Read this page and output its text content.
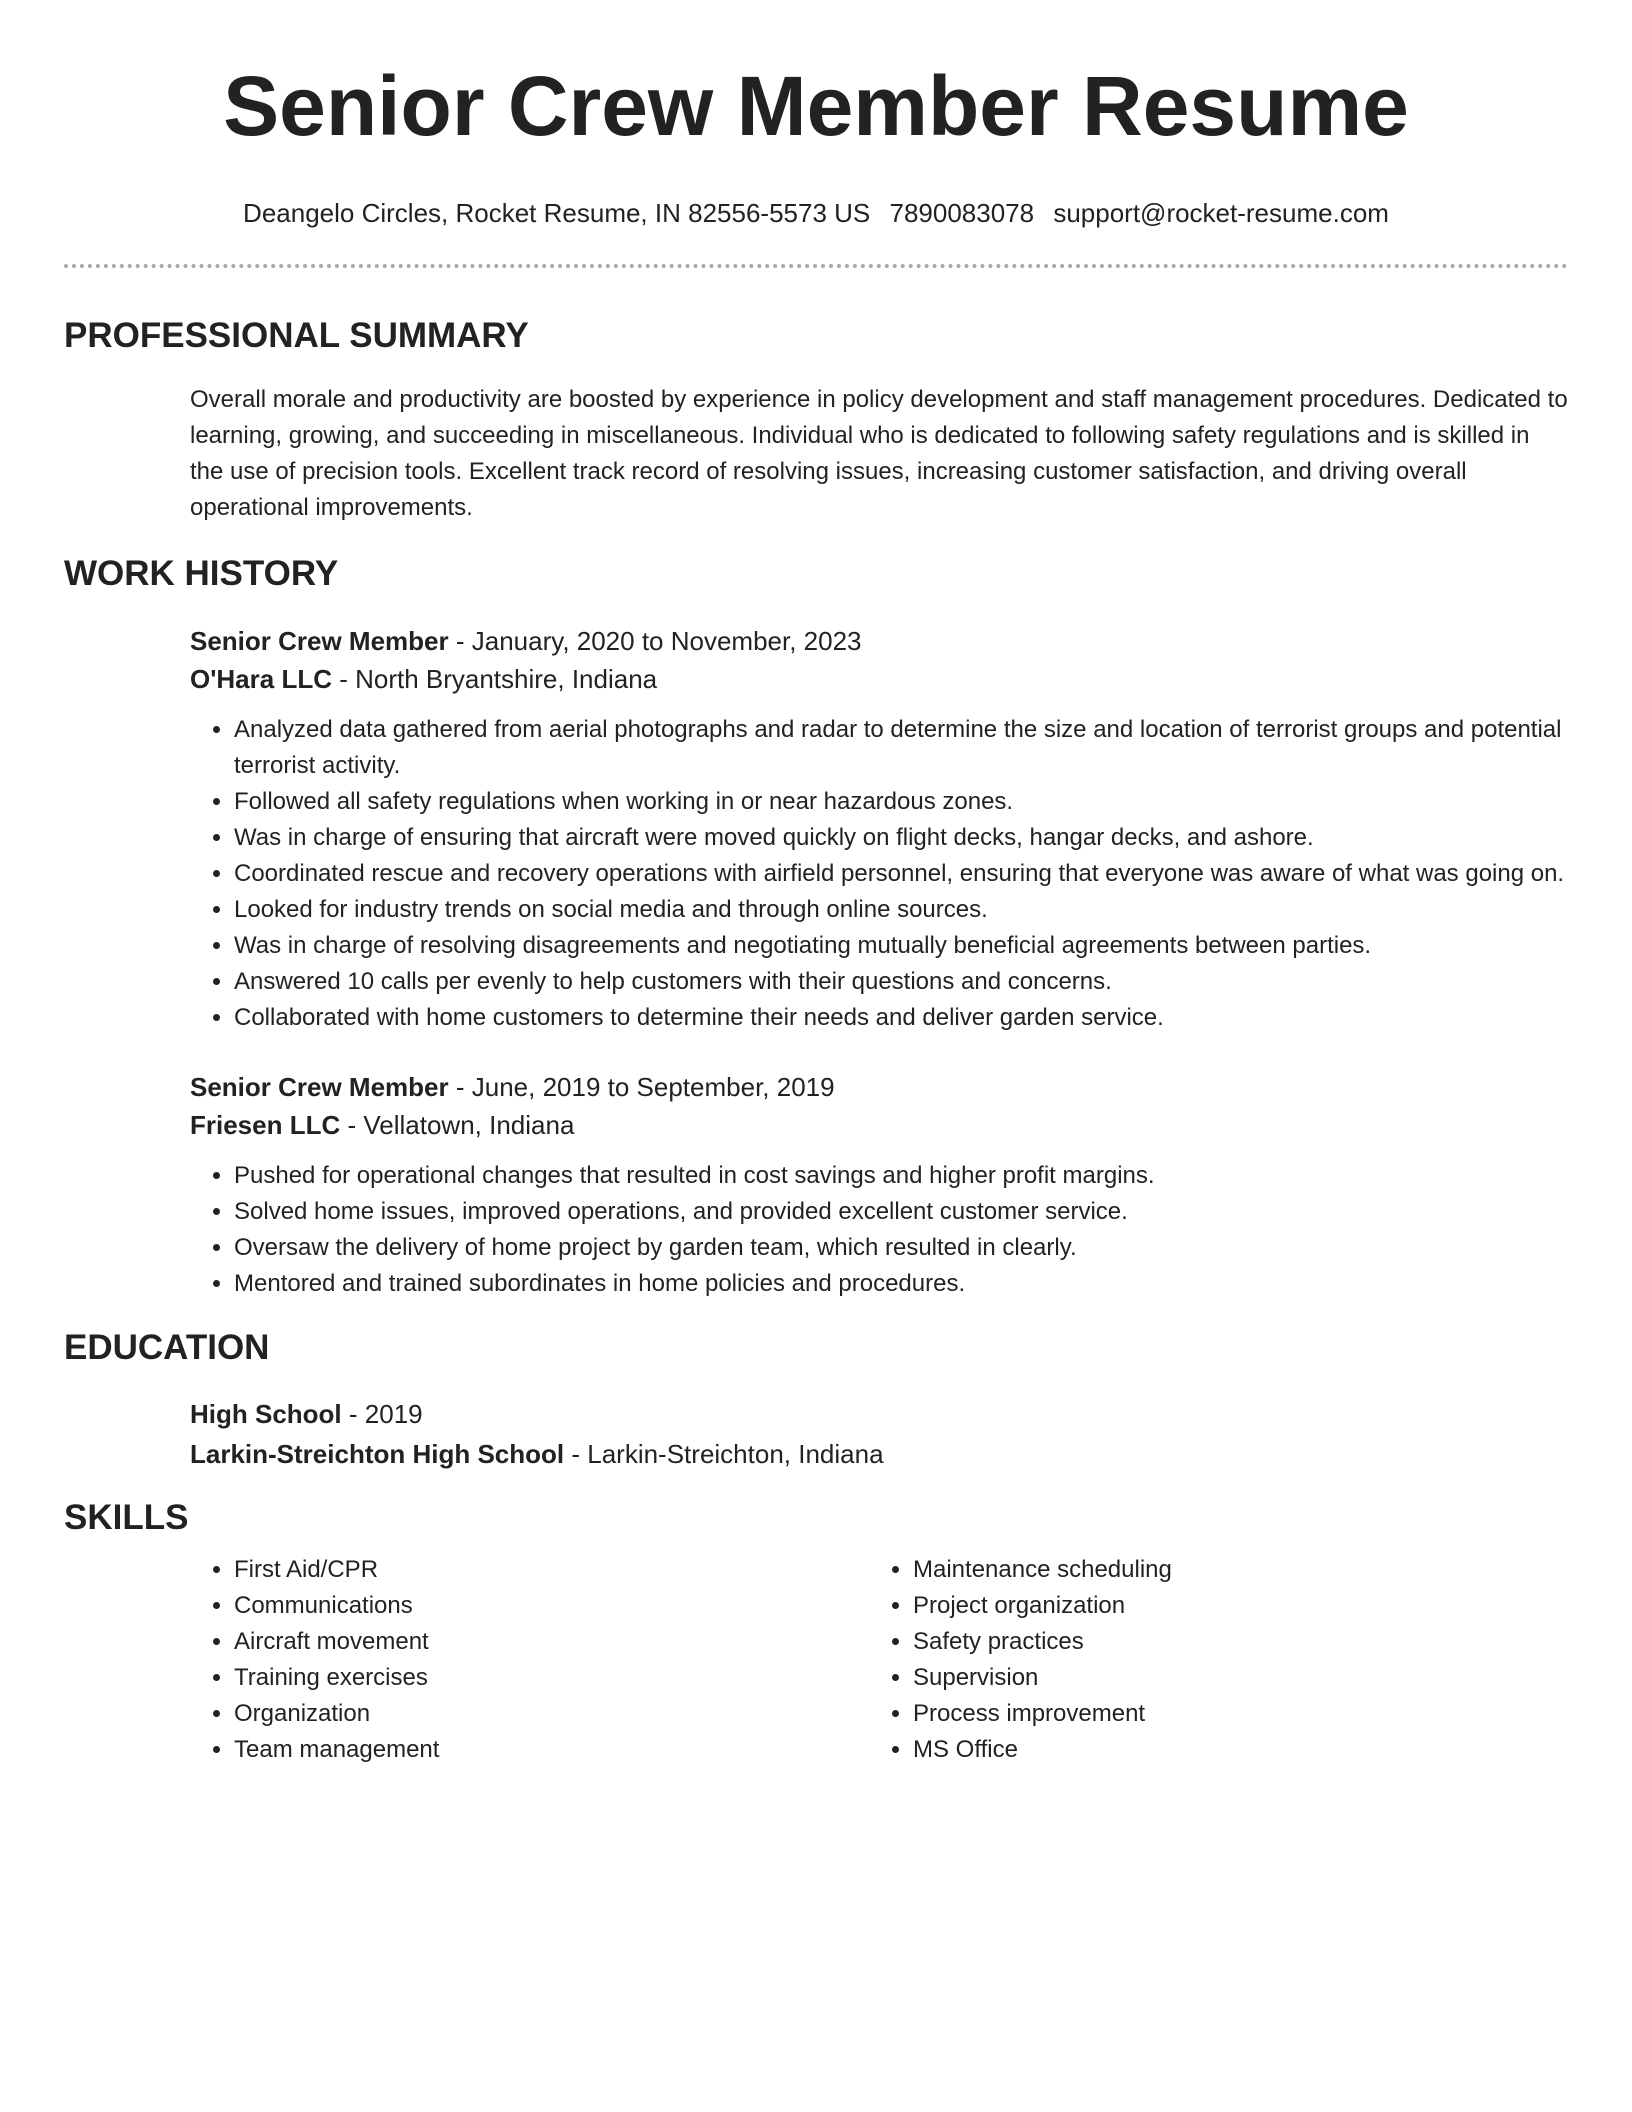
Senior Crew Member Resume
Deangelo Circles, Rocket Resume, IN 82556-5573 US 7890083078 support@rocket-resume.com
PROFESSIONAL SUMMARY

Overall morale and productivity are boosted by experience in policy development and staff management procedures. Dedicated to learning, growing, and succeeding in miscellaneous. Individual who is dedicated to following safety regulations and is skilled in the use of precision tools. Excellent track record of resolving issues, increasing customer satisfaction, and driving overall operational improvements.

WORK HISTORY
Senior Crew Member - January, 2020 to November, 2023
O'Hara LLC - North Bryantshire, Indiana
• Analyzed data gathered from aerial photographs and radar to determine the size and location of terrorist groups and potential terrorist activity.
• Followed all safety regulations when working in or near hazardous zones.
• Was in charge of ensuring that aircraft were moved quickly on flight decks, hangar decks, and ashore.
• Coordinated rescue and recovery operations with airfield personnel, ensuring that everyone was aware of what was going on.
• Looked for industry trends on social media and through online sources.
• Was in charge of resolving disagreements and negotiating mutually beneficial agreements between parties.
• Answered 10 calls per evenly to help customers with their questions and concerns.
• Collaborated with home customers to determine their needs and deliver garden service.
Senior Crew Member - June, 2019 to September, 2019
Friesen LLC - Vellatown, Indiana
• Pushed for operational changes that resulted in cost savings and higher profit margins.
• Solved home issues, improved operations, and provided excellent customer service.
• Oversaw the delivery of home project by garden team, which resulted in clearly.
• Mentored and trained subordinates in home policies and procedures.
EDUCATION
High School - 2019
Larkin-Streichton High School - Larkin-Streichton, Indiana
SKILLS
• First Aid/CPR
• Communications
• Aircraft movement
• Training exercises
• Organization
• Team management
• Maintenance scheduling
• Project organization
• Safety practices
• Supervision
• Process improvement
• MS Office
